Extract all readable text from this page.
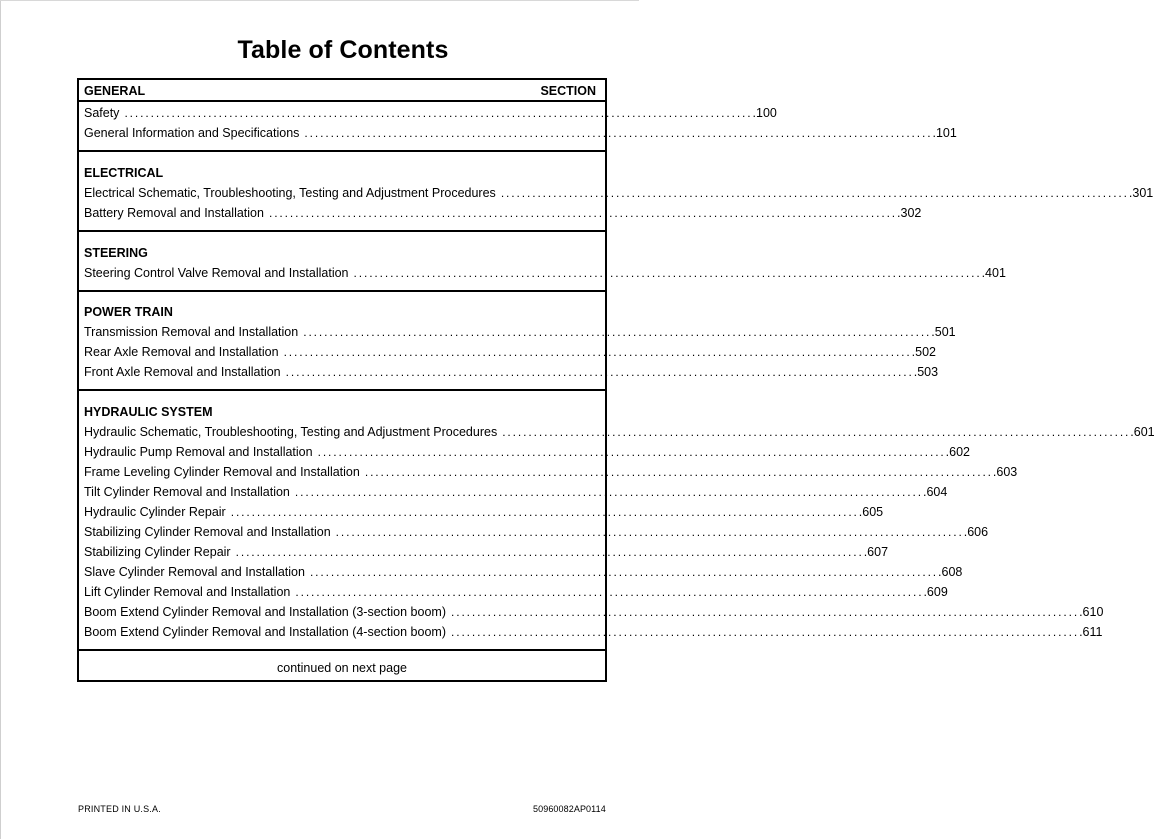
Table of Contents
GENERAL	SECTION
Safety ........................................................................................................................ .100
General Information and Specifications ........................................................................................................................ .101
ELECTRICAL
Electrical Schematic, Troubleshooting, Testing and Adjustment Procedures ........................................................................................................................ .301
Battery Removal and Installation ........................................................................................................................ .302
STEERING
Steering Control Valve Removal and Installation ........................................................................................................................ .401
POWER TRAIN
Transmission Removal and Installation ........................................................................................................................ .501
Rear Axle Removal and Installation ........................................................................................................................ .502
Front Axle Removal and Installation ........................................................................................................................ .503
HYDRAULIC SYSTEM
Hydraulic Schematic, Troubleshooting, Testing and Adjustment Procedures ........................................................................................................................ .601
Hydraulic Pump Removal and Installation ........................................................................................................................ .602
Frame Leveling Cylinder Removal and Installation ........................................................................................................................ .603
Tilt Cylinder Removal and Installation ........................................................................................................................ .604
Hydraulic Cylinder Repair ........................................................................................................................ .605
Stabilizing Cylinder Removal and Installation ........................................................................................................................ .606
Stabilizing Cylinder Repair ........................................................................................................................ .607
Slave Cylinder Removal and Installation ........................................................................................................................ .608
Lift Cylinder Removal and Installation ........................................................................................................................ .609
Boom Extend Cylinder Removal and Installation (3-section boom) ........................................................................................................................ .610
Boom Extend Cylinder Removal and Installation (4-section boom) ........................................................................................................................ .611
continued on next page
PRINTED IN U.S.A.	50960082AP0114
